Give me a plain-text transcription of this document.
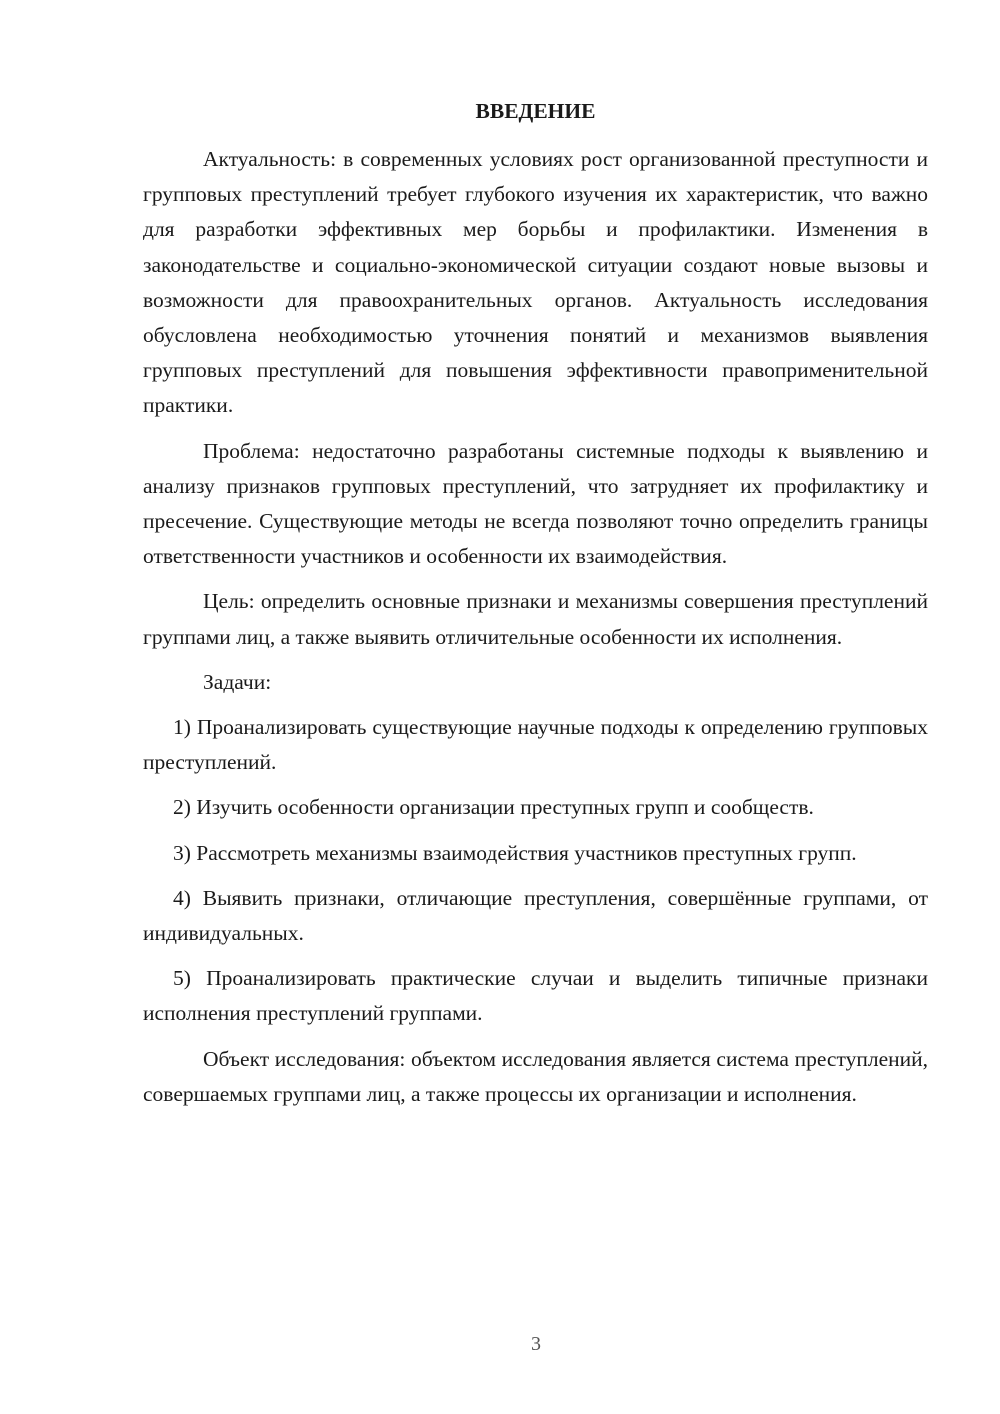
ВВЕДЕНИЕ

Актуальность: в современных условиях рост организованной преступности и групповых преступлений требует глубокого изучения их характеристик, что важно для разработки эффективных мер борьбы и профилактики. Изменения в законодательстве и социально-экономической ситуации создают новые вызовы и возможности для правоохранительных органов. Актуальность исследования обусловлена необходимостью уточнения понятий и механизмов выявления групповых преступлений для повышения эффективности правоприменительной практики.

Проблема: недостаточно разработаны системные подходы к выявлению и анализу признаков групповых преступлений, что затрудняет их профилактику и пресечение. Существующие методы не всегда позволяют точно определить границы ответственности участников и особенности их взаимодействия.

Цель: определить основные признаки и механизмы совершения преступлений группами лиц, а также выявить отличительные особенности их исполнения.

Задачи:

1) Проанализировать существующие научные подходы к определению групповых преступлений.

2) Изучить особенности организации преступных групп и сообществ.

3) Рассмотреть механизмы взаимодействия участников преступных групп.

4) Выявить признаки, отличающие преступления, совершённые группами, от индивидуальных.

5) Проанализировать практические случаи и выделить типичные признаки исполнения преступлений группами.

Объект исследования: объектом исследования является система преступлений, совершаемых группами лиц, а также процессы их организации и исполнения.

3
